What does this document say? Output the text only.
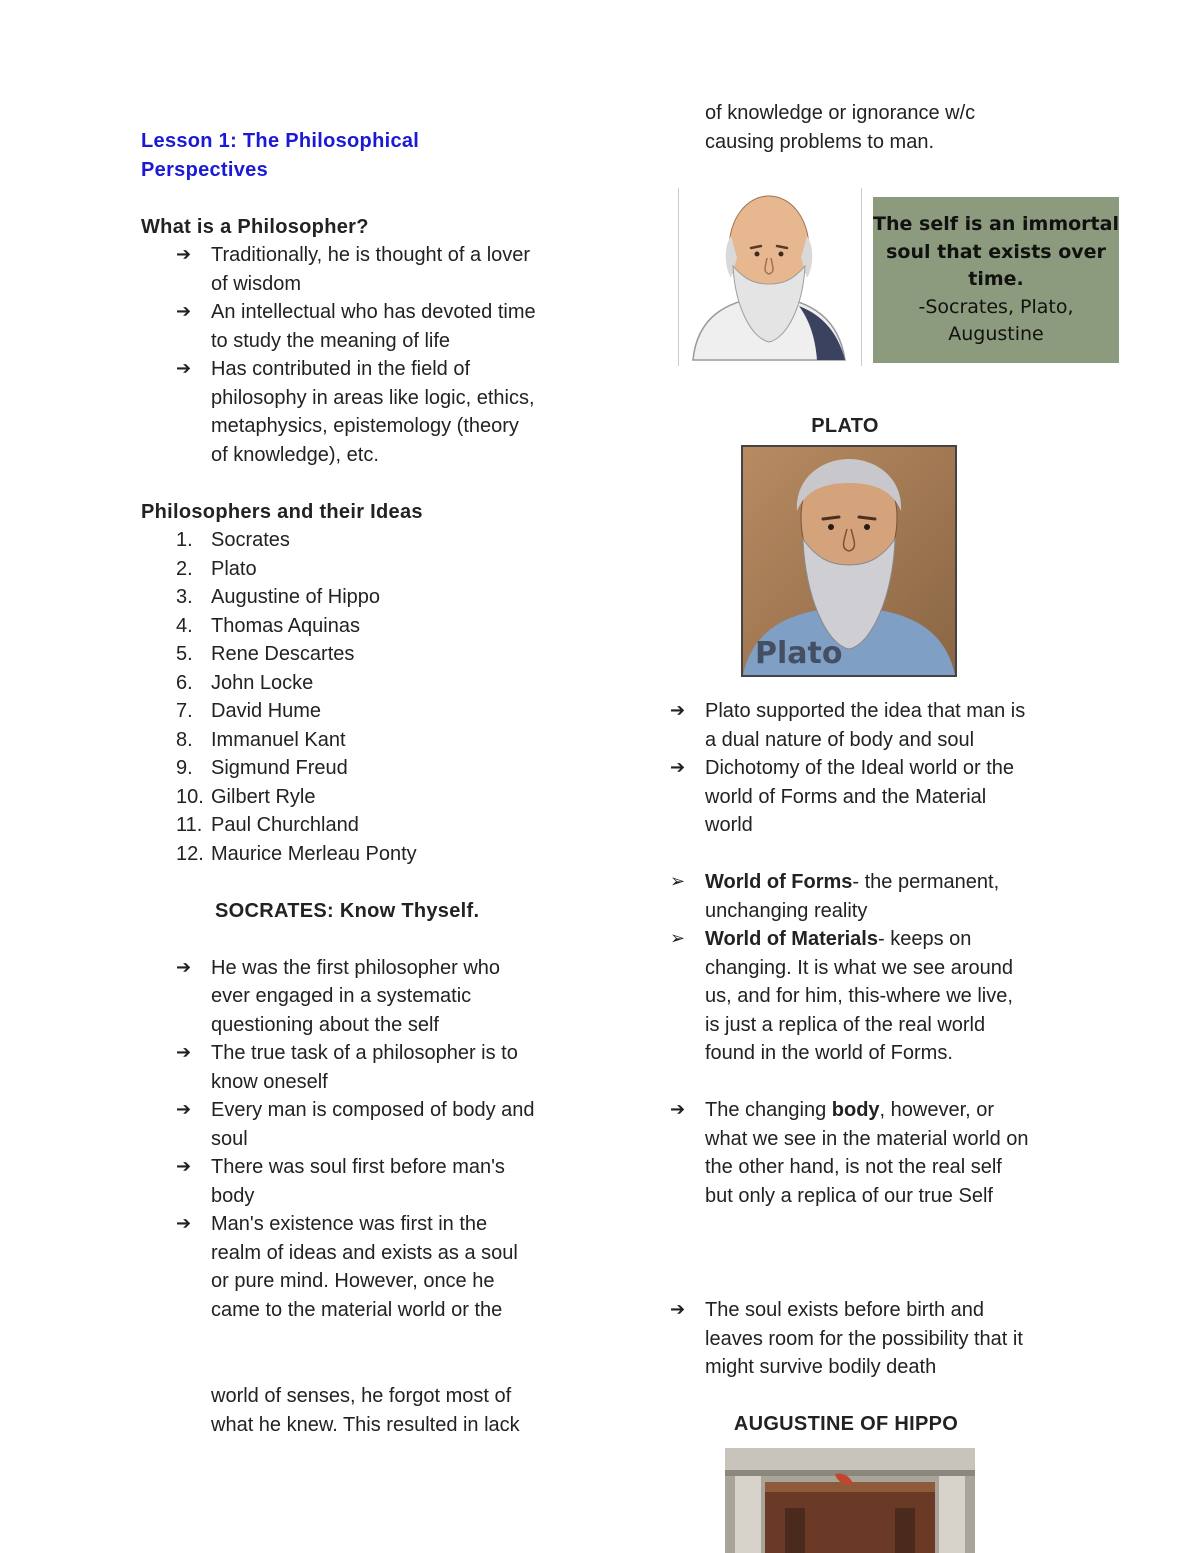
Lesson 1: The Philosophical
Perspectives
What is a Philosopher?
➔ Traditionally, he is thought of a lover
of wisdom
➔ An intellectual who has devoted time
to study the meaning of life
➔ Has contributed in the field of
philosophy in areas like logic, ethics,
metaphysics, epistemology (theory
of knowledge), etc.
Philosophers and their Ideas
1. Socrates
2. Plato
3. Augustine of Hippo
4. Thomas Aquinas
5. Rene Descartes
6. John Locke
7. David Hume
8. Immanuel Kant
9. Sigmund Freud
10. Gilbert Ryle
11. Paul Churchland
12. Maurice Merleau Ponty
SOCRATES: Know Thyself.
➔ He was the first philosopher who
ever engaged in a systematic
questioning about the self
➔ The true task of a philosopher is to
know oneself
➔ Every man is composed of body and
soul
➔ There was soul first before man's
body
➔ Man's existence was first in the
realm of ideas and exists as a soul
or pure mind. However, once he
came to the material world or the
world of senses, he forgot most of
what he knew. This resulted in lack
of knowledge or ignorance w/c
causing problems to man.
The self is an immortal
soul that exists over
time.
-Socrates, Plato,
Augustine
PLATO
Plato
➔ Plato supported the idea that man is
a dual nature of body and soul
➔ Dichotomy of the Ideal world or the
world of Forms and the Material
world
➢ World of Forms- the permanent,
unchanging reality
➢ World of Materials- keeps on
changing. It is what we see around
us, and for him, this-where we live,
is just a replica of the real world
found in the world of Forms.
➔ The changing body, however, or
what we see in the material world on
the other hand, is not the real self
but only a replica of our true Self
➔ The soul exists before birth and
leaves room for the possibility that it
might survive bodily death
AUGUSTINE OF HIPPO
